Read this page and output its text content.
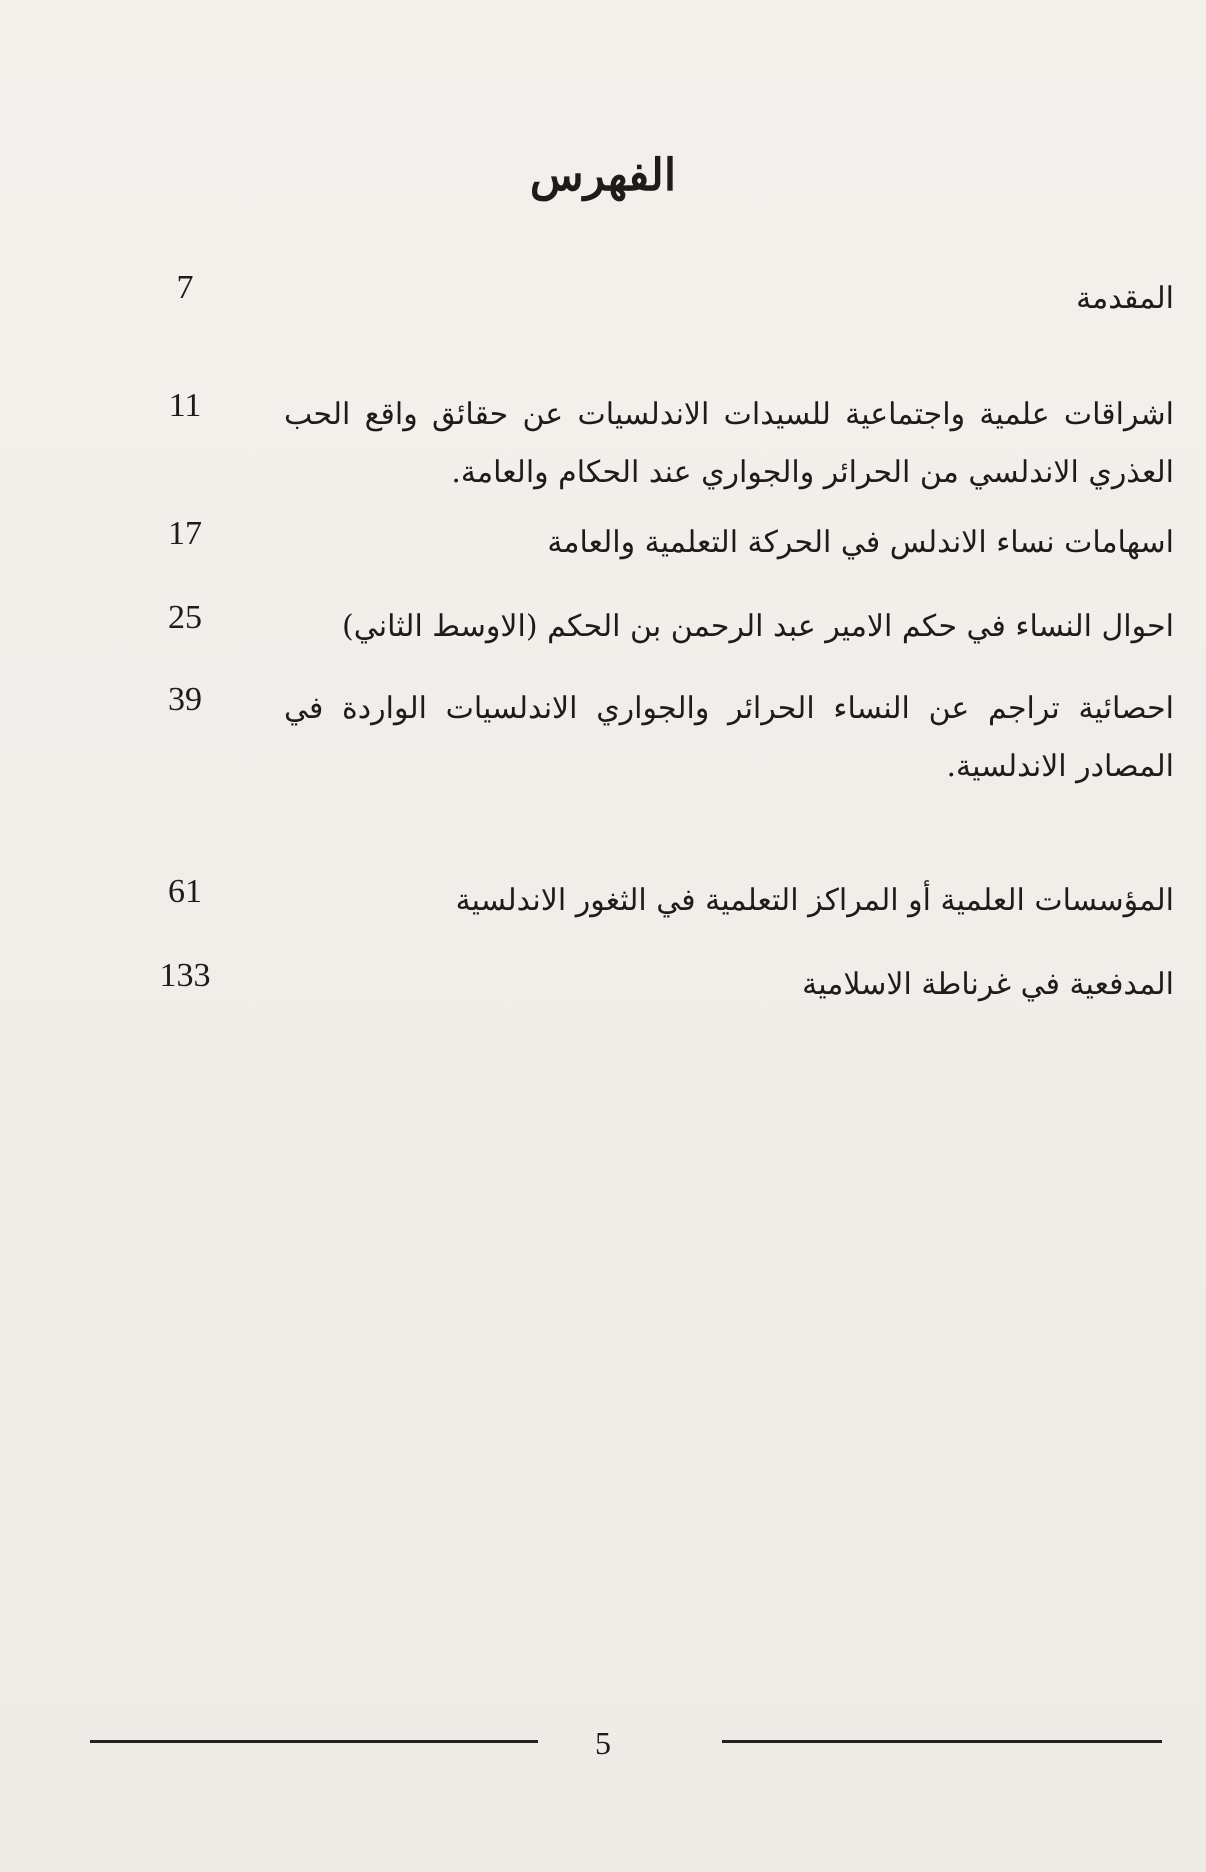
الفهرس
7	المقدمة

11	اشراقات علمية واجتماعية للسيدات الاندلسيات عن حقائق واقع الحب العذري الاندلسي من الحرائر والجواري عند الحكام والعامة.

17	اسهامات نساء الاندلس في الحركة التعلمية والعامة

25	احوال النساء في حكم الامير عبد الرحمن بن الحكم (الاوسط الثاني)

39	احصائية تراجم عن النساء الحرائر والجواري الاندلسيات الواردة في المصادر الاندلسية.

61	المؤسسات العلمية أو المراكز التعلمية في الثغور الاندلسية

133	المدفعية في غرناطة الاسلامية

5
